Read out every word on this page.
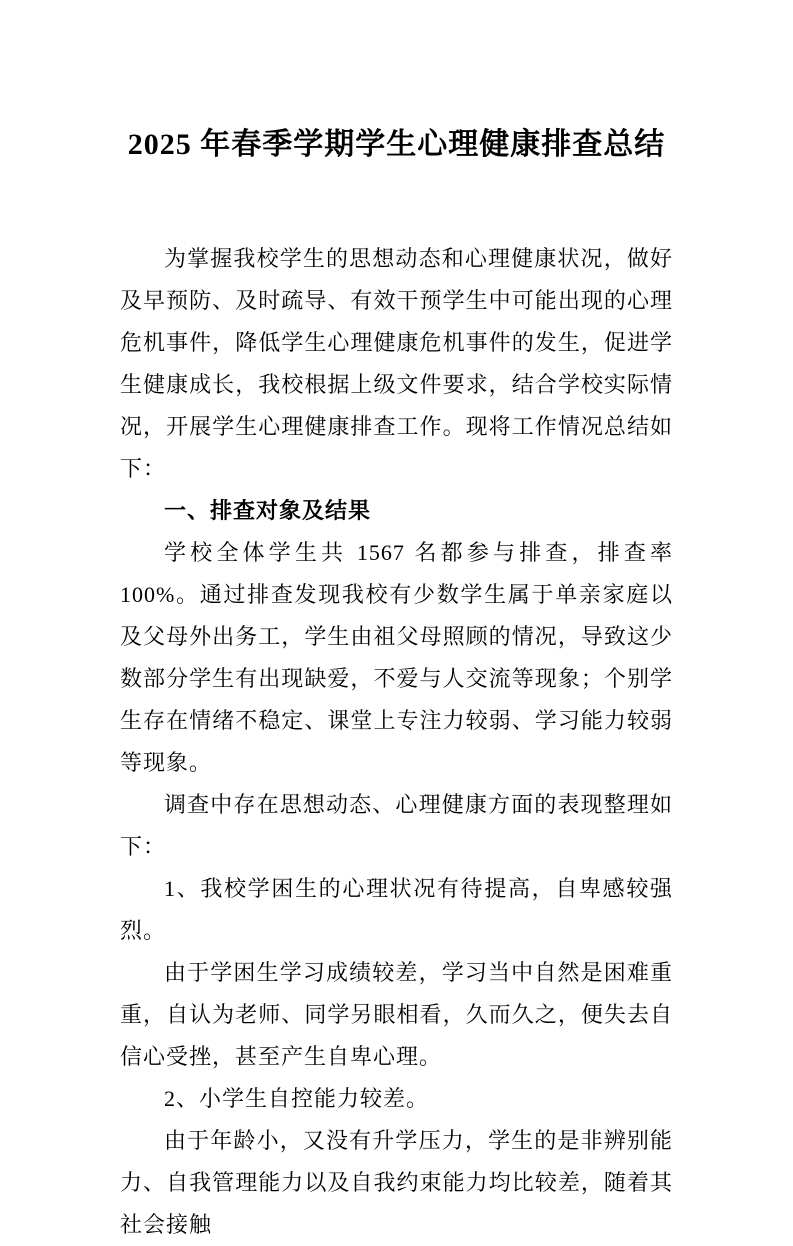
2025 年春季学期学生心理健康排查总结

为掌握我校学生的思想动态和心理健康状况，做好及早预防、及时疏导、有效干预学生中可能出现的心理危机事件，降低学生心理健康危机事件的发生，促进学生健康成长，我校根据上级文件要求，结合学校实际情况，开展学生心理健康排查工作。现将工作情况总结如下：

一、排查对象及结果

学校全体学生共 1567 名都参与排查，排查率 100%。通过排查发现我校有少数学生属于单亲家庭以及父母外出务工，学生由祖父母照顾的情况，导致这少数部分学生有出现缺爱，不爱与人交流等现象；个别学生存在情绪不稳定、课堂上专注力较弱、学习能力较弱等现象。

调查中存在思想动态、心理健康方面的表现整理如下：

1、我校学困生的心理状况有待提高，自卑感较强烈。

由于学困生学习成绩较差，学习当中自然是困难重重，自认为老师、同学另眼相看，久而久之，便失去自信心受挫，甚至产生自卑心理。

2、小学生自控能力较差。

由于年龄小，又没有升学压力，学生的是非辨别能力、自我管理能力以及自我约束能力均比较差，随着其社会接触
